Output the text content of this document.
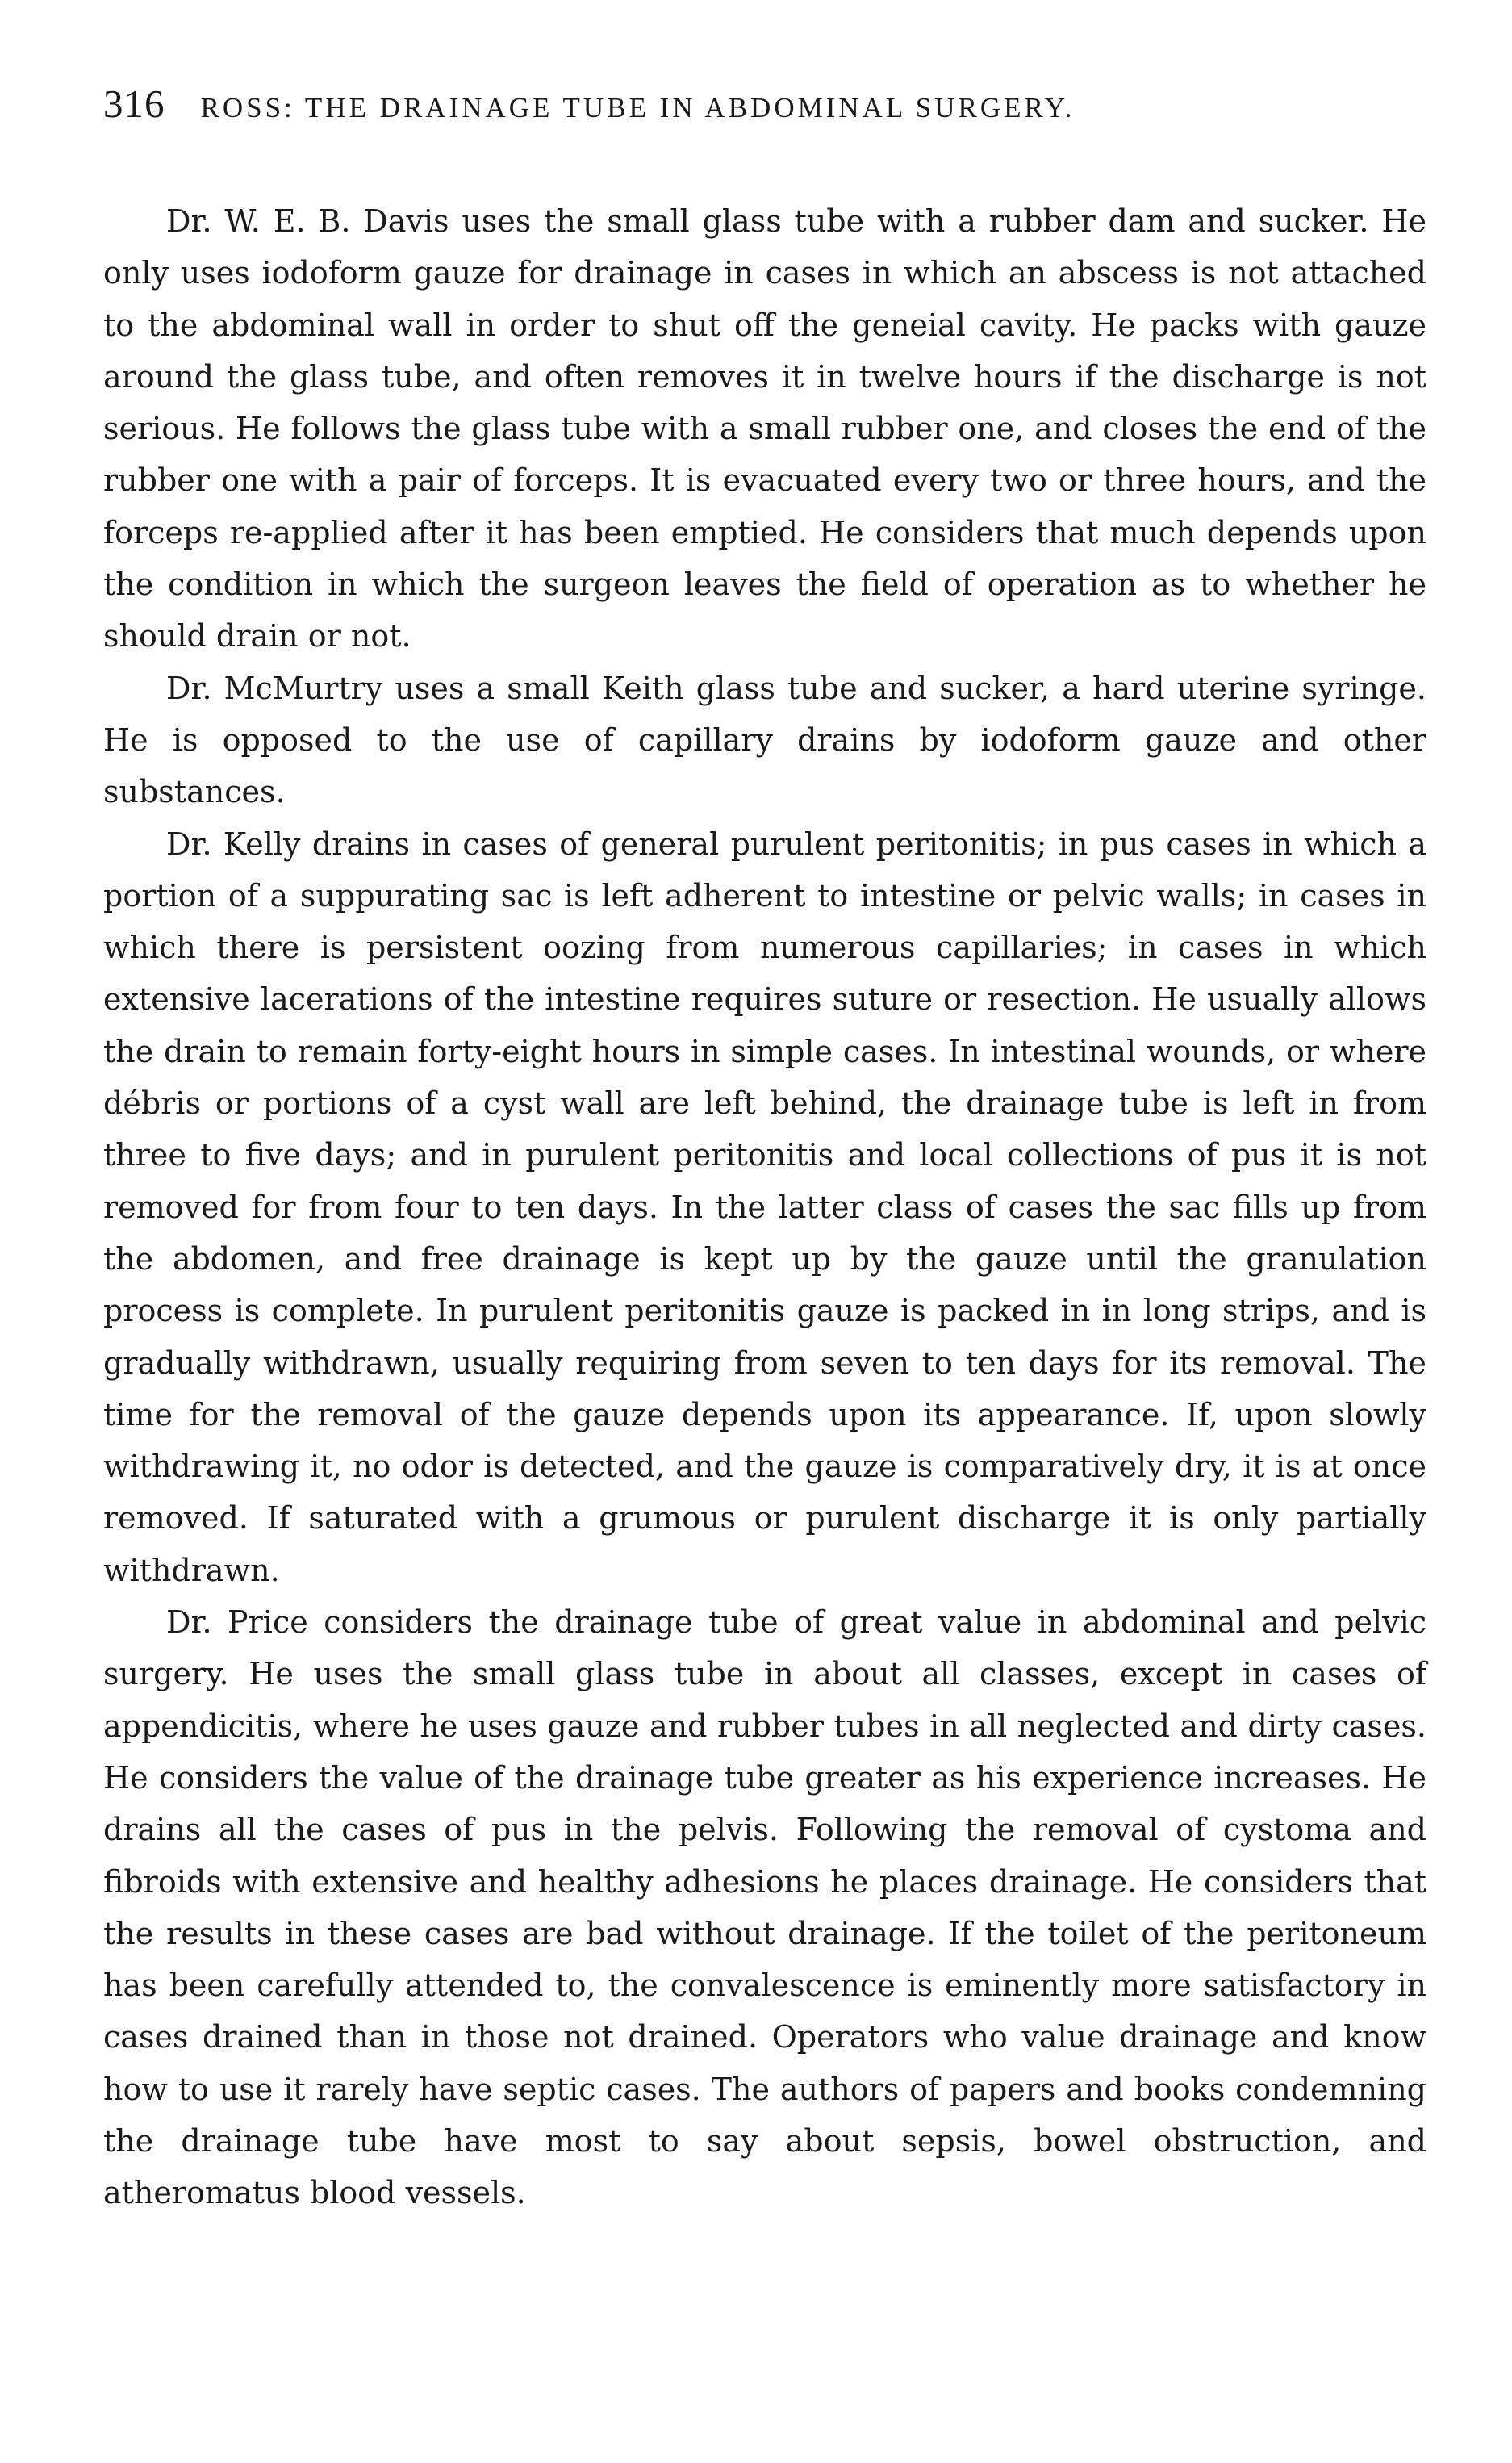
316 ROSS: THE DRAINAGE TUBE IN ABDOMINAL SURGERY.

Dr. W. E. B. Davis uses the small glass tube with a rubber dam and sucker. He only uses iodoform gauze for drainage in cases in which an abscess is not attached to the abdominal wall in order to shut off the geneial cavity. He packs with gauze around the glass tube, and often removes it in twelve hours if the discharge is not serious. He follows the glass tube with a small rubber one, and closes the end of the rubber one with a pair of forceps. It is evacuated every two or three hours, and the forceps re-applied after it has been emptied. He considers that much depends upon the condition in which the surgeon leaves the field of operation as to whether he should drain or not.

Dr. McMurtry uses a small Keith glass tube and sucker, a hard uterine syringe. He is opposed to the use of capillary drains by iodoform gauze and other substances.

Dr. Kelly drains in cases of general purulent peritonitis; in pus cases in which a portion of a suppurating sac is left adherent to intestine or pelvic walls; in cases in which there is persistent oozing from numerous capillaries; in cases in which extensive lacerations of the intestine requires suture or resection. He usually allows the drain to remain forty-eight hours in simple cases. In intestinal wounds, or where débris or portions of a cyst wall are left behind, the drainage tube is left in from three to five days; and in purulent peritonitis and local collections of pus it is not removed for from four to ten days. In the latter class of cases the sac fills up from the abdomen, and free drainage is kept up by the gauze until the granulation process is complete. In purulent peritonitis gauze is packed in in long strips, and is gradually withdrawn, usually requiring from seven to ten days for its removal. The time for the removal of the gauze depends upon its appearance. If, upon slowly withdrawing it, no odor is detected, and the gauze is comparatively dry, it is at once removed. If saturated with a grumous or purulent discharge it is only partially withdrawn.

Dr. Price considers the drainage tube of great value in abdominal and pelvic surgery. He uses the small glass tube in about all classes, except in cases of appendicitis, where he uses gauze and rubber tubes in all neglected and dirty cases. He considers the value of the drainage tube greater as his experience increases. He drains all the cases of pus in the pelvis. Following the removal of cystoma and fibroids with extensive and healthy adhesions he places drainage. He considers that the results in these cases are bad without drainage. If the toilet of the peritoneum has been carefully attended to, the convalescence is eminently more satisfactory in cases drained than in those not drained. Operators who value drainage and know how to use it rarely have septic cases. The authors of papers and books condemning the drainage tube have most to say about sepsis, bowel obstruction, and atheromatus blood vessels.
